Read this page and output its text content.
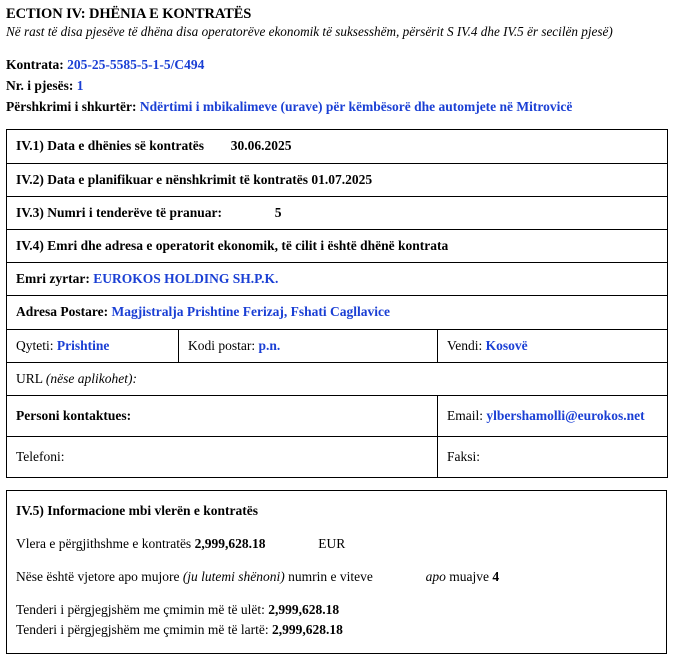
ECTION IV: DHËNIA E KONTRATËS
Në rast të disa pjesëve të dhëna disa operatorëve ekonomik të suksesshëm, përsërit S IV.4 dhe IV.5 ër secilën pjesë)
Kontrata: 205-25-5585-5-1-5/C494
Nr. i pjesës: 1
Përshkrimi i shkurtër: Ndërtimi i mbikalimeve (urave) për këmbësorë dhe automjete në Mitrovicë
IV.1) Data e dhënies së kontratës 30.06.2025		
IV.2) Data e planifikuar e nënshkrimit të kontratës 01.07.2025		
IV.3) Numri i tenderëve të pranuar: 5		
IV.4) Emri dhe adresa e operatorit ekonomik, të cilit i është dhënë kontrata		
Emri zyrtar: EUROKOS HOLDING SH.P.K.		
Adresa Postare: Magjistralja Prishtine Ferizaj, Fshati Cagllavice		
Qyteti: Prishtine	Kodi postar: p.n.	Vendi: Kosovë
URL (nëse aplikohet):		
Personi kontaktues:		Email: ylbershamolli@eurokos.net
Telefoni:		Faksi:

IV.5) Informacione mbi vlerën e kontratës

Vlera e përgjithshme e kontratës 2,999,628.18	EUR

Nëse është vjetore apo mujore (ju lutemi shënoni) numrin e viteve	apo muajve 4

Tenderi i përgjegjshëm me çmimin më të ulët: 2,999,628.18

Tenderi i përgjegjshëm me çmimin më të lartë: 2,999,628.18
